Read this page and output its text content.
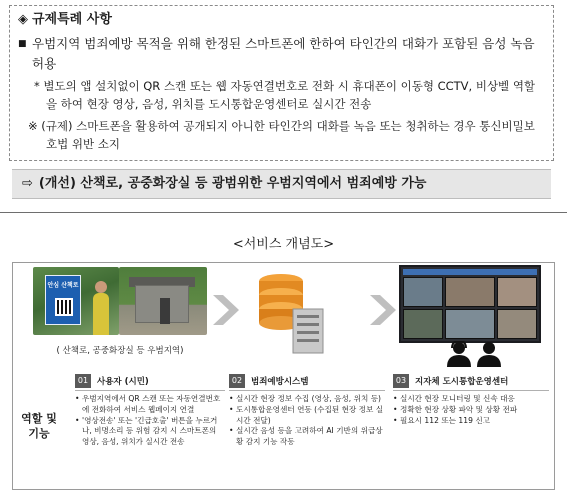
◈ 규제특례 사항
■ 우범지역 범죄예방 목적을 위해 한정된 스마트폰에 한하여 타인간의 대화가 포함된 음성 녹음 허용
* 별도의 앱 설치없이 QR 스캔 또는 웹 자동연결번호로 전화 시 휴대폰이 이동형 CCTV, 비상벨 역할을 하여 현장 영상, 음성, 위치를 도시통합운영센터로 실시간 전송
※ (규제) 스마트폰을 활용하여 공개되지 아니한 타인간의 대화를 녹음 또는 청취하는 경우 통신비밀보호법 위반 소지
⇨ (개선) 산책로, 공중화장실 등 광범위한 우범지역에서 범죄예방 가능
<서비스 개념도>
안심 산책로
( 산책로, 공중화장실 등 우범지역)
역할 및 기능
01	사용자 (시민)
• 우범지역에서 QR 스캔 또는 자동연결번호에 전화하여 서비스 웹페이지 연결
• '영상전송' 또는 '긴급호출' 버튼을 누르거나, 비명소리 등 위험 감지 시 스마트폰의 영상, 음성, 위치가 실시간 전송
02	범죄예방시스템
• 실시간 현장 정보 수집 (영상, 음성, 위치 등)
• 도시통합운영센터 연동 (수집된 현장 정보 실시간 전달)
• 실시간 음성 등을 고려하여 AI 기반의 위급상황 감지 기능 작동
03	지자체 도시통합운영센터
• 실시간 현장 모니터링 및 신속 대응
• 정확한 현장 상황 파악 및 상황 전파
• 필요시 112 또는 119 신고
